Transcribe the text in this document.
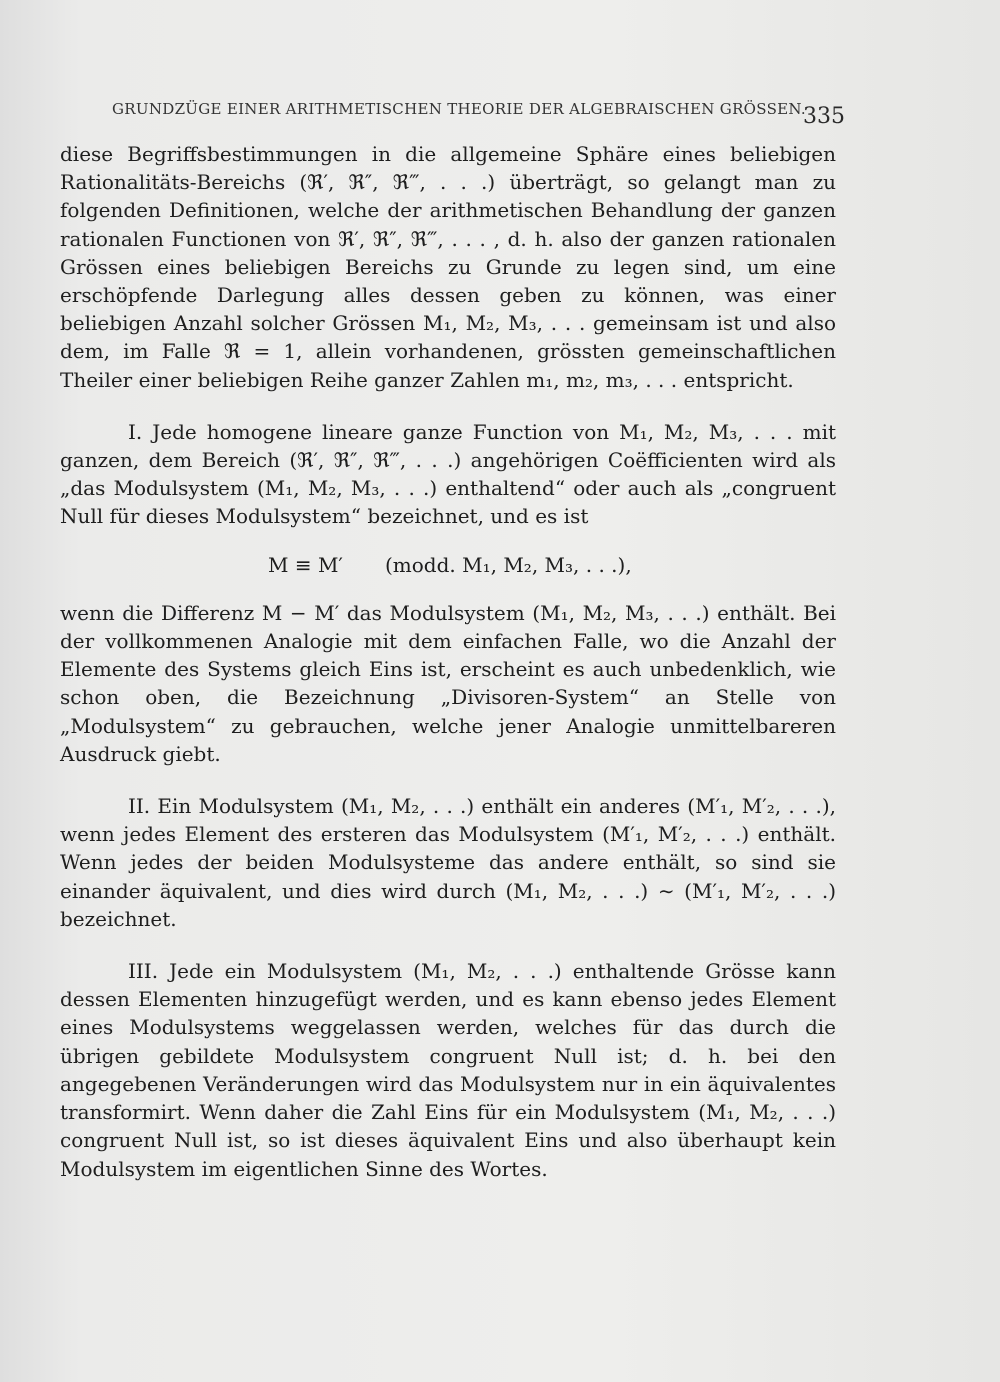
GRUNDZÜGE EINER ARITHMETISCHEN THEORIE DER ALGEBRAISCHEN GRÖSSEN.
335

diese Begriffsbestimmungen in die allgemeine Sphäre eines beliebigen Rationalitäts-Bereichs (ℜ′, ℜ″, ℜ‴, . . .) überträgt, so gelangt man zu folgenden Definitionen, welche der arithmetischen Behandlung der ganzen rationalen Functionen von ℜ′, ℜ″, ℜ‴, . . . , d. h. also der ganzen rationalen Grössen eines beliebigen Bereichs zu Grunde zu legen sind, um eine erschöpfende Darlegung alles dessen geben zu können, was einer beliebigen Anzahl solcher Grössen M₁, M₂, M₃, . . . gemeinsam ist und also dem, im Falle ℜ = 1, allein vorhandenen, grössten gemeinschaftlichen Theiler einer beliebigen Reihe ganzer Zahlen m₁, m₂, m₃, . . . entspricht.

I. Jede homogene lineare ganze Function von M₁, M₂, M₃, . . . mit ganzen, dem Bereich (ℜ′, ℜ″, ℜ‴, . . .) angehörigen Coëfficienten wird als „das Modulsystem (M₁, M₂, M₃, . . .) enthaltend“ oder auch als „congruent Null für dieses Modulsystem“ bezeichnet, und es ist

M ≡ M′ (modd. M₁, M₂, M₃, . . .),

wenn die Differenz M − M′ das Modulsystem (M₁, M₂, M₃, . . .) enthält. Bei der vollkommenen Analogie mit dem einfachen Falle, wo die Anzahl der Elemente des Systems gleich Eins ist, erscheint es auch unbedenklich, wie schon oben, die Bezeichnung „Divisoren-System“ an Stelle von „Modulsystem“ zu gebrauchen, welche jener Analogie unmittelbareren Ausdruck giebt.

II. Ein Modulsystem (M₁, M₂, . . .) enthält ein anderes (M′₁, M′₂, . . .), wenn jedes Element des ersteren das Modulsystem (M′₁, M′₂, . . .) enthält. Wenn jedes der beiden Modulsysteme das andere enthält, so sind sie einander äquivalent, und dies wird durch (M₁, M₂, . . .) ∼ (M′₁, M′₂, . . .) bezeichnet.

III. Jede ein Modulsystem (M₁, M₂, . . .) enthaltende Grösse kann dessen Elementen hinzugefügt werden, und es kann ebenso jedes Element eines Modulsystems weggelassen werden, welches für das durch die übrigen gebildete Modulsystem congruent Null ist; d. h. bei den angegebenen Veränderungen wird das Modulsystem nur in ein äquivalentes transformirt. Wenn daher die Zahl Eins für ein Modulsystem (M₁, M₂, . . .) congruent Null ist, so ist dieses äquivalent Eins und also überhaupt kein Modulsystem im eigentlichen Sinne des Wortes.
